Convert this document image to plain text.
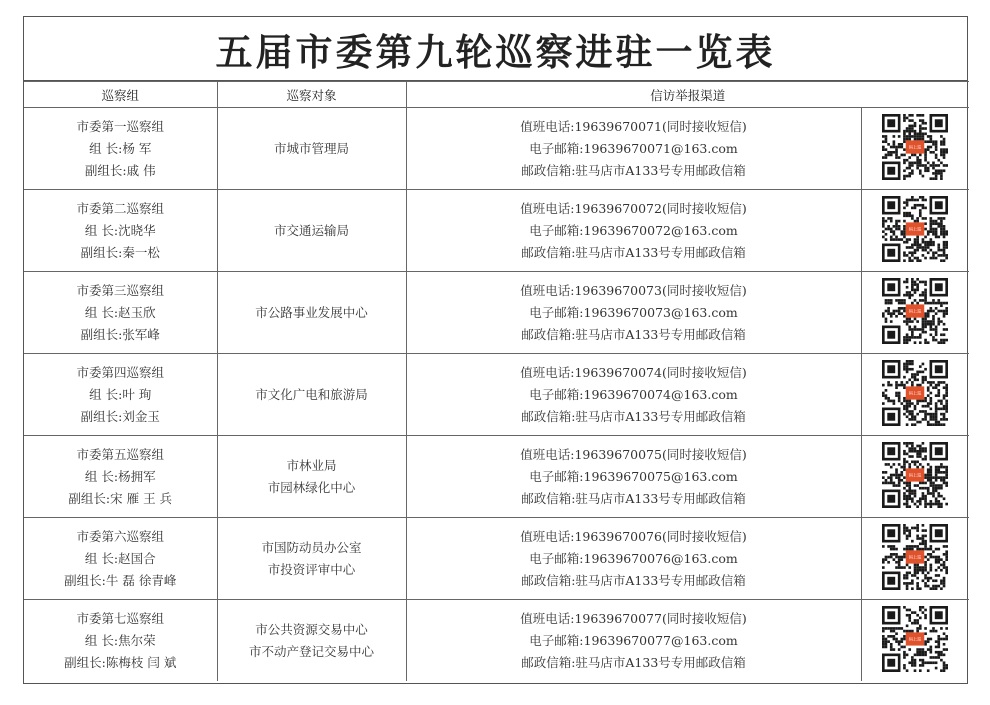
五届市委第九轮巡察进驻一览表
巡察组	巡察对象	信访举报渠道	

市委第一巡察组
组 长:杨 军
副组长:戚 伟	市城市管理局	值班电话:19639670071(同时接收短信)
电子邮箱:19639670071@163.com
邮政信箱:驻马店市A133号专用邮政信箱	码上巡

市委第二巡察组
组 长:沈晓华
副组长:秦一松	市交通运输局	值班电话:19639670072(同时接收短信)
电子邮箱:19639670072@163.com
邮政信箱:驻马店市A133号专用邮政信箱	码上巡

市委第三巡察组
组 长:赵玉欣
副组长:张军峰	市公路事业发展中心	值班电话:19639670073(同时接收短信)
电子邮箱:19639670073@163.com
邮政信箱:驻马店市A133号专用邮政信箱	码上巡

市委第四巡察组
组 长:叶 珣
副组长:刘金玉	市文化广电和旅游局	值班电话:19639670074(同时接收短信)
电子邮箱:19639670074@163.com
邮政信箱:驻马店市A133号专用邮政信箱	码上巡

市委第五巡察组
组 长:杨拥军
副组长:宋 雁 王 兵	市林业局
市园林绿化中心	值班电话:19639670075(同时接收短信)
电子邮箱:19639670075@163.com
邮政信箱:驻马店市A133号专用邮政信箱	码上巡

市委第六巡察组
组 长:赵国合
副组长:牛 磊 徐青峰	市国防动员办公室
市投资评审中心	值班电话:19639670076(同时接收短信)
电子邮箱:19639670076@163.com
邮政信箱:驻马店市A133号专用邮政信箱	码上巡

市委第七巡察组
组 长:焦尔荣
副组长:陈梅枝 闫 斌	市公共资源交易中心
市不动产登记交易中心	值班电话:19639670077(同时接收短信)
电子邮箱:19639670077@163.com
邮政信箱:驻马店市A133号专用邮政信箱	码上巡
